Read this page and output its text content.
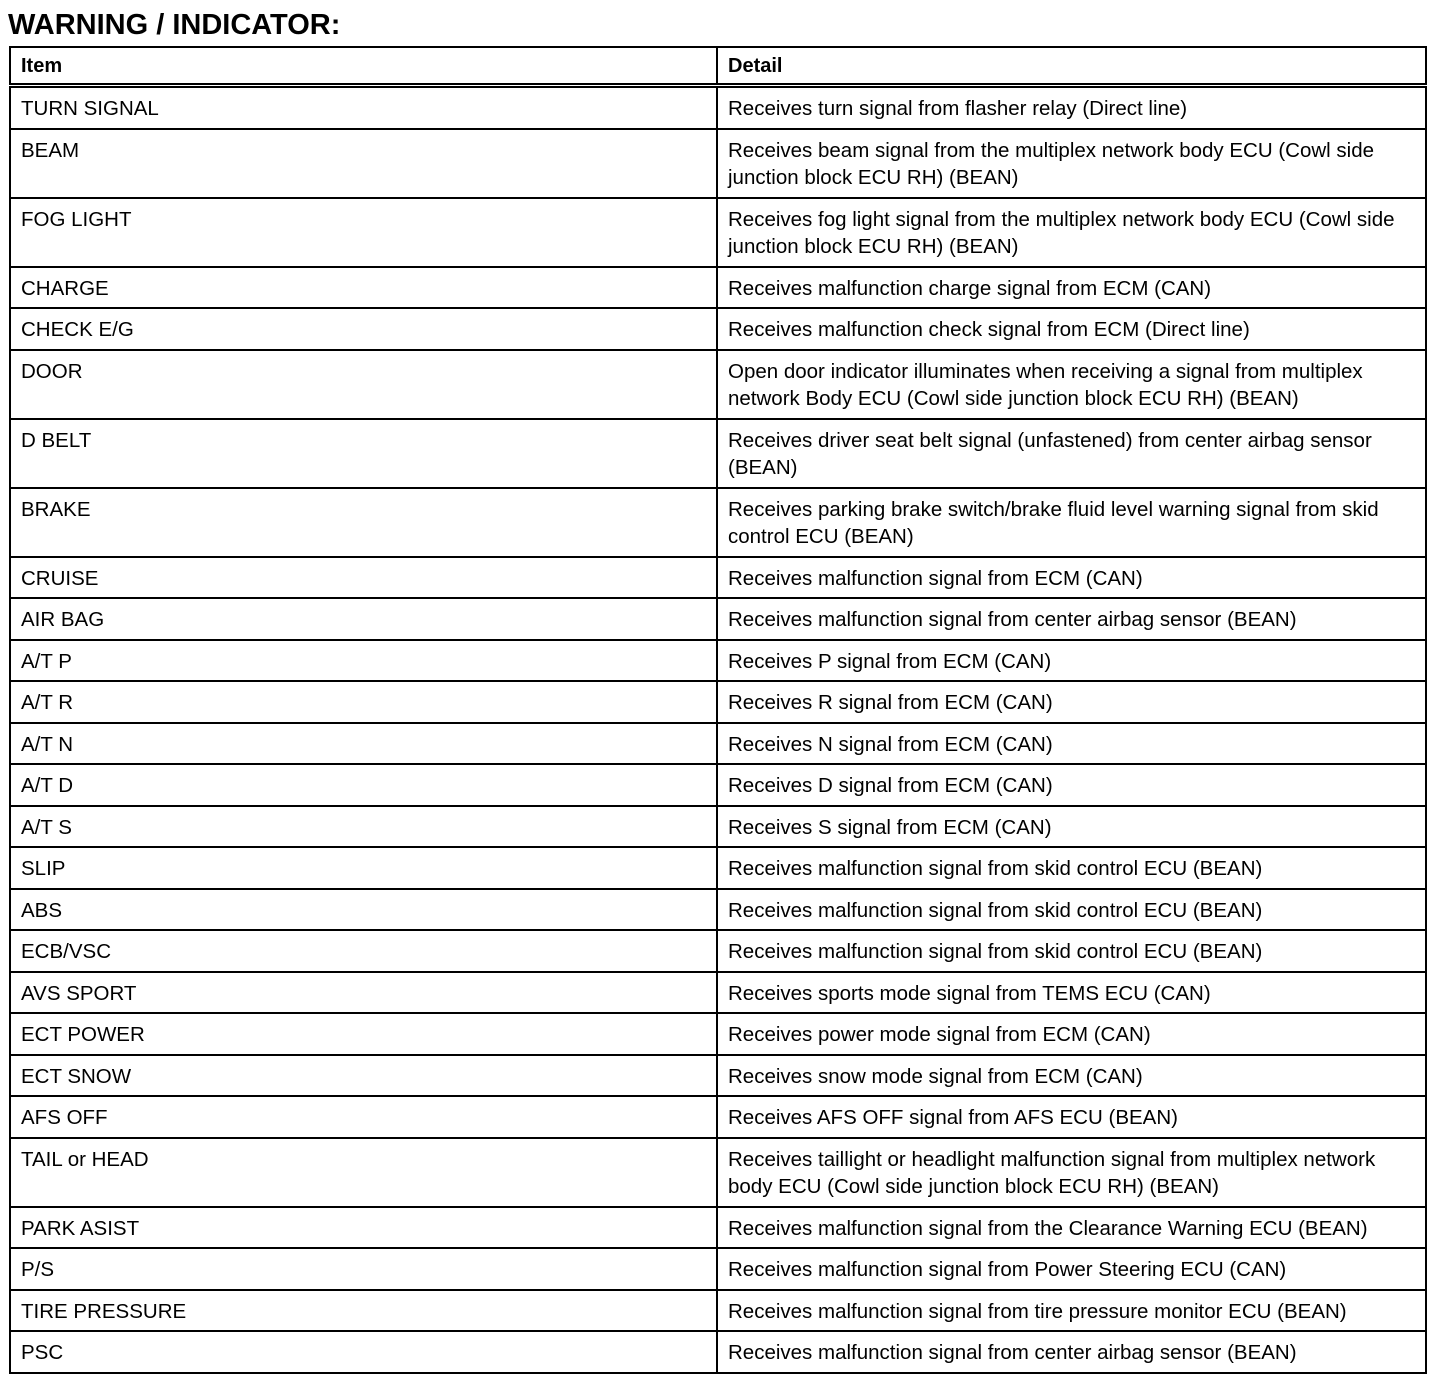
WARNING / INDICATOR:
Item	Detail
TURN SIGNAL	Receives turn signal from flasher relay (Direct line)
BEAM	Receives beam signal from the multiplex network body ECU (Cowl side junction block ECU RH) (BEAN)
FOG LIGHT	Receives fog light signal from the multiplex network body ECU (Cowl side junction block ECU RH) (BEAN)
CHARGE	Receives malfunction charge signal from ECM (CAN)
CHECK E/G	Receives malfunction check signal from ECM (Direct line)
DOOR	Open door indicator illuminates when receiving a signal from multiplex network Body ECU (Cowl side junction block ECU RH) (BEAN)
D BELT	Receives driver seat belt signal (unfastened) from center airbag sensor (BEAN)
BRAKE	Receives parking brake switch/brake fluid level warning signal from skid control ECU (BEAN)
CRUISE	Receives malfunction signal from ECM (CAN)
AIR BAG	Receives malfunction signal from center airbag sensor (BEAN)
A/T P	Receives P signal from ECM (CAN)
A/T R	Receives R signal from ECM (CAN)
A/T N	Receives N signal from ECM (CAN)
A/T D	Receives D signal from ECM (CAN)
A/T S	Receives S signal from ECM (CAN)
SLIP	Receives malfunction signal from skid control ECU (BEAN)
ABS	Receives malfunction signal from skid control ECU (BEAN)
ECB/VSC	Receives malfunction signal from skid control ECU (BEAN)
AVS SPORT	Receives sports mode signal from TEMS ECU (CAN)
ECT POWER	Receives power mode signal from ECM (CAN)
ECT SNOW	Receives snow mode signal from ECM (CAN)
AFS OFF	Receives AFS OFF signal from AFS ECU (BEAN)
TAIL or HEAD	Receives taillight or headlight malfunction signal from multiplex network body ECU (Cowl side junction block ECU RH) (BEAN)
PARK ASIST	Receives malfunction signal from the Clearance Warning ECU (BEAN)
P/S	Receives malfunction signal from Power Steering ECU (CAN)
TIRE PRESSURE	Receives malfunction signal from tire pressure monitor ECU (BEAN)
PSC	Receives malfunction signal from center airbag sensor (BEAN)
